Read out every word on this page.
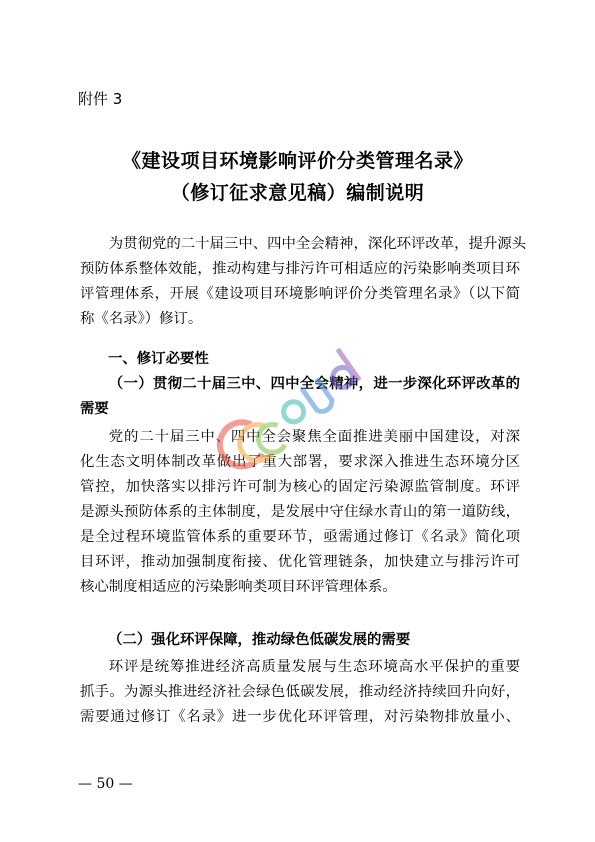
附件 3
《建设项目环境影响评价分类管理名录》
（修订征求意见稿）编制说明
为贯彻党的二十届三中、四中全会精神，深化环评改革，提升源头
预防体系整体效能，推动构建与排污许可相适应的污染影响类项目环
评管理体系，开展《建设项目环境影响评价分类管理名录》（以下简
称《名录》）修订。
一、修订必要性
（一）贯彻二十届三中、四中全会精神，进一步深化环评改革的
需要
党的二十届三中、四中全会聚焦全面推进美丽中国建设，对深
化生态文明体制改革做出了重大部署，要求深入推进生态环境分区
管控，加快落实以排污许可制为核心的固定污染源监管制度。环评
是源头预防体系的主体制度，是发展中守住绿水青山的第一道防线，
是全过程环境监管体系的重要环节，亟需通过修订《名录》简化项
目环评，推动加强制度衔接、优化管理链条，加快建立与排污许可
核心制度相适应的污染影响类项目环评管理体系。
（二）强化环评保障，推动绿色低碳发展的需要
环评是统筹推进经济高质量发展与生态环境高水平保护的重要
抓手。为源头推进经济社会绿色低碳发展，推动经济持续回升向好，
需要通过修订《名录》进一步优化环评管理，对污染物排放量小、
— 50 —
gcloud
